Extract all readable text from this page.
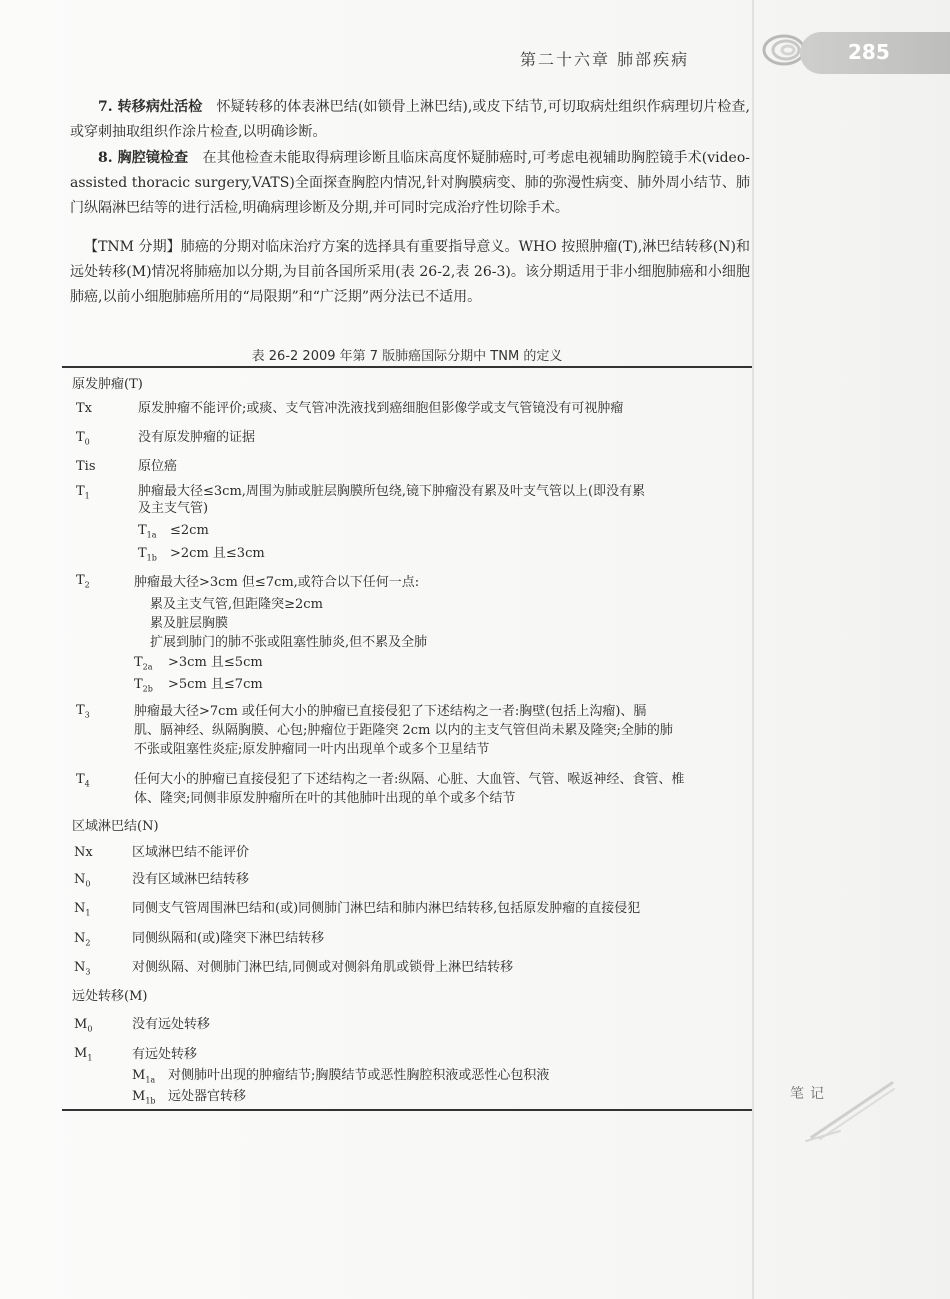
第二十六章 肺部疾病	285
7. 转移病灶活检 怀疑转移的体表淋巴结(如锁骨上淋巴结),或皮下结节,可切取病灶组织作病理切片检查,或穿刺抽取组织作涂片检查,以明确诊断。
8. 胸腔镜检查 在其他检查未能取得病理诊断且临床高度怀疑肺癌时,可考虑电视辅助胸腔镜手术(video-assisted thoracic surgery,VATS)全面探查胸腔内情况,针对胸膜病变、肺的弥漫性病变、肺外周小结节、肺门纵隔淋巴结等的进行活检,明确病理诊断及分期,并可同时完成治疗性切除手术。
【TNM 分期】肺癌的分期对临床治疗方案的选择具有重要指导意义。WHO 按照肿瘤(T),淋巴结转移(N)和远处转移(M)情况将肺癌加以分期,为目前各国所采用(表 26-2,表 26-3)。该分期适用于非小细胞肺癌和小细胞肺癌,以前小细胞肺癌所用的“局限期”和“广泛期”两分法已不适用。
表 26-2 2009 年第 7 版肺癌国际分期中 TNM 的定义
原发肿瘤(T)
Tx	原发肿瘤不能评价;或痰、支气管冲洗液找到癌细胞但影像学或支气管镜没有可视肿瘤
$T_0$	没有原发肿瘤的证据
Tis	原位癌
$T_1$	肿瘤最大径≤3cm,周围为肺或脏层胸膜所包绕,镜下肿瘤没有累及叶支气管以上(即没有累
及主支气管)
$T_{1a} \le 2cm$
$T_{1b} >2cm$ 且≤3cm
$T_2$	肿瘤最大径>3cm 但≤7cm,或符合以下任何一点:
累及主支气管,但距隆突≥2cm
累及脏层胸膜
扩展到肺门的肺不张或阻塞性肺炎,但不累及全肺
$T_{2a} >3cm$ 且≤5cm
$T_{2b} >5cm$ 且≤7cm
$T_3$	肿瘤最大径>7cm 或任何大小的肿瘤已直接侵犯了下述结构之一者:胸壁(包括上沟瘤)、膈
肌、膈神经、纵隔胸膜、心包;肿瘤位于距隆突 2cm 以内的主支气管但尚未累及隆突;全肺的肺
不张或阻塞性炎症;原发肿瘤同一叶内出现单个或多个卫星结节
$T_4$	任何大小的肿瘤已直接侵犯了下述结构之一者:纵隔、心脏、大血管、气管、喉返神经、食管、椎
体、隆突;同侧非原发肿瘤所在叶的其他肺叶出现的单个或多个结节
区域淋巴结(N)
Nx	区域淋巴结不能评价
$N_0$	没有区域淋巴结转移
$N_1$	同侧支气管周围淋巴结和(或)同侧肺门淋巴结和肺内淋巴结转移,包括原发肿瘤的直接侵犯
$N_2$	同侧纵隔和(或)隆突下淋巴结转移
$N_3$	对侧纵隔、对侧肺门淋巴结,同侧或对侧斜角肌或锁骨上淋巴结转移
远处转移(M)
$M_0$	没有远处转移
$M_1$	有远处转移
$M_{1a}$ 对侧肺叶出现的肿瘤结节;胸膜结节或恶性胸腔积液或恶性心包积液
$M_{1b}$ 远处器官转移	笔记
